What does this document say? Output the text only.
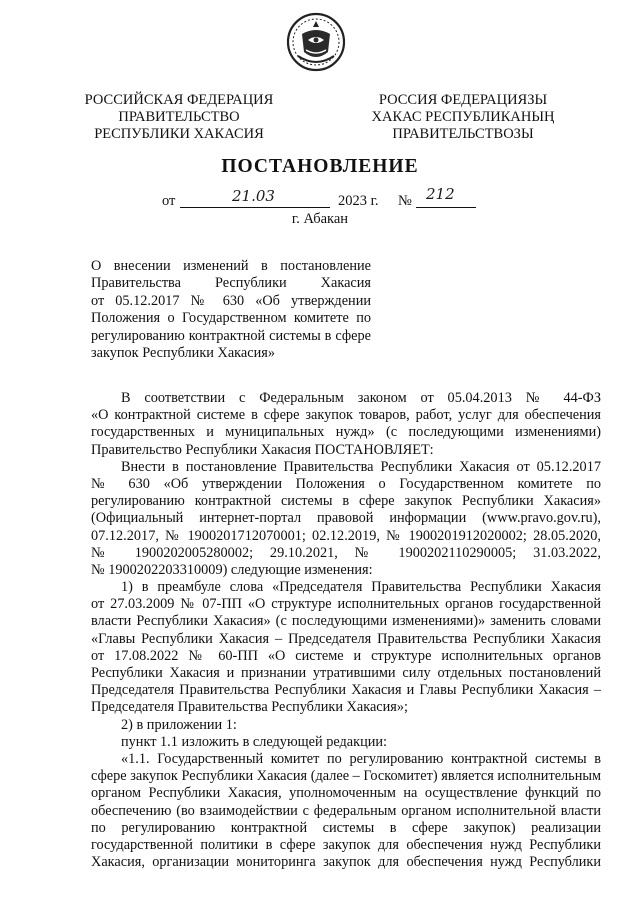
РОССИЙСКАЯ ФЕДЕРАЦИЯ
ПРАВИТЕЛЬСТВО
РЕСПУБЛИКИ ХАКАСИЯ
РОССИЯ ФЕДЕРАЦИЯЗЫ
ХАКАС РЕСПУБЛИКАНЫҢ
ПРАВИТЕЛЬСТВОЗЫ
ПОСТАНОВЛЕНИЕ
от	21.03	2023 г. № 212
г. Абакан
О внесении изменений в постановление
Правительства Республики Хакасия
от 05.12.2017 № 630 «Об утверждении
Положения о Государственном комитете по
регулированию контрактной системы в сфере
закупок Республики Хакасия»
В соответствии с Федеральным законом от 05.04.2013 № 44-ФЗ
«О контрактной системе в сфере закупок товаров, работ, услуг для обеспечения
государственных и муниципальных нужд» (с последующими изменениями)
Правительство Республики Хакасия ПОСТАНОВЛЯЕТ:
Внести в постановление Правительства Республики Хакасия от 05.12.2017
№ 630 «Об утверждении Положения о Государственном комитете по
регулированию контрактной системы в сфере закупок Республики Хакасия»
(Официальный интернет-портал правовой информации (www.pravo.gov.ru),
07.12.2017, № 1900201712070001; 02.12.2019, № 1900201912020002; 28.05.2020,
№ 1900202005280002; 29.10.2021, № 1900202110290005; 31.03.2022,
№ 1900202203310009) следующие изменения:
1) в преамбуле слова «Председателя Правительства Республики Хакасия
от 27.03.2009 № 07-ПП «О структуре исполнительных органов государственной
власти Республики Хакасия» (с последующими изменениями)» заменить словами
«Главы Республики Хакасия – Председателя Правительства Республики Хакасия
от 17.08.2022 № 60-ПП «О системе и структуре исполнительных органов
Республики Хакасия и признании утратившими силу отдельных постановлений
Председателя Правительства Республики Хакасия и Главы Республики Хакасия –
Председателя Правительства Республики Хакасия»;
2) в приложении 1:
пункт 1.1 изложить в следующей редакции:
«1.1. Государственный комитет по регулированию контрактной системы в
сфере закупок Республики Хакасия (далее – Госкомитет) является исполнительным
органом Республики Хакасия, уполномоченным на осуществление функций по
обеспечению (во взаимодействии с федеральным органом исполнительной власти
по регулированию контрактной системы в сфере закупок) реализации
государственной политики в сфере закупок для обеспечения нужд Республики
Хакасия, организации мониторинга закупок для обеспечения нужд Республики
